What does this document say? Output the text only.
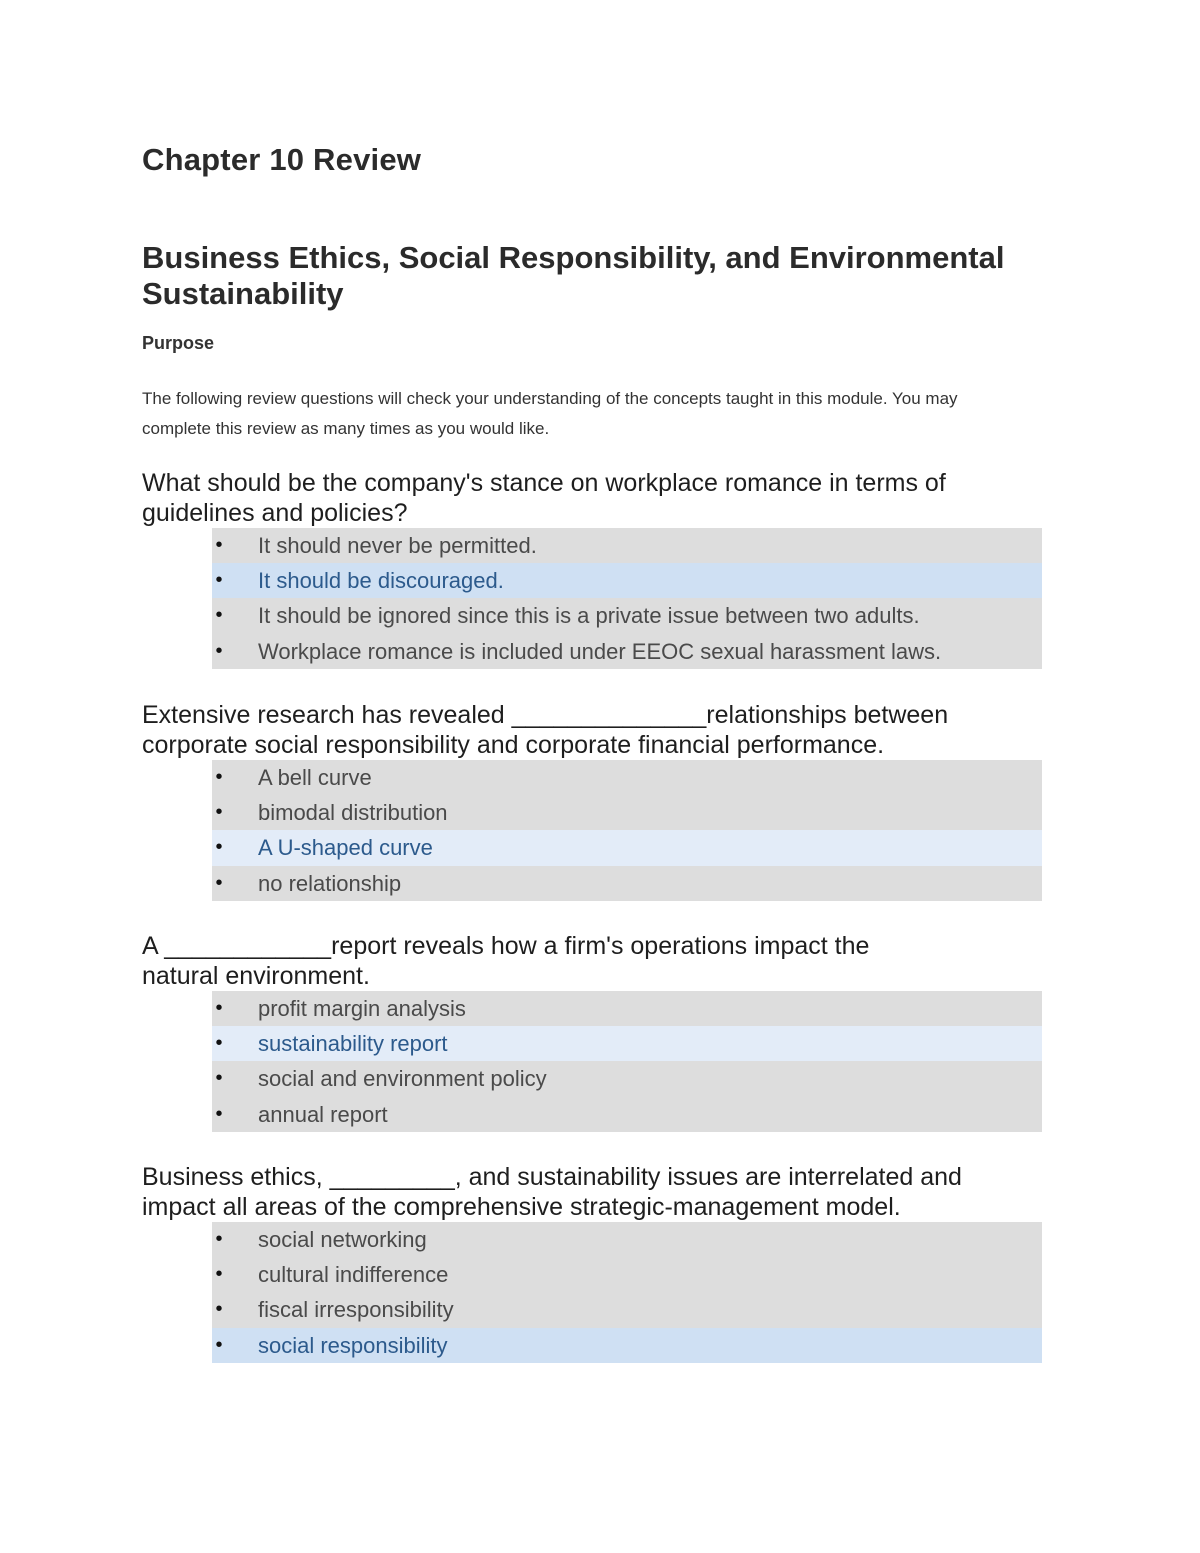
Chapter 10 Review
Business Ethics, Social Responsibility, and Environmental Sustainability
Purpose

The following review questions will check your understanding of the concepts taught in this module. You may complete this review as many times as you would like.

What should be the company's stance on workplace romance in terms of guidelines and policies?
• It should never be permitted.
• It should be discouraged.
• It should be ignored since this is a private issue between two adults.
• Workplace romance is included under EEOC sexual harassment laws.
Extensive research has revealed ______________relationships between corporate social responsibility and corporate financial performance.
• A bell curve
• bimodal distribution
• A U-shaped curve
• no relationship
A ____________report reveals how a firm's operations impact the natural environment.
• profit margin analysis
• sustainability report
• social and environment policy
• annual report
Business ethics, _________, and sustainability issues are interrelated and impact all areas of the comprehensive strategic-management model.
• social networking
• cultural indifference
• fiscal irresponsibility
• social responsibility
